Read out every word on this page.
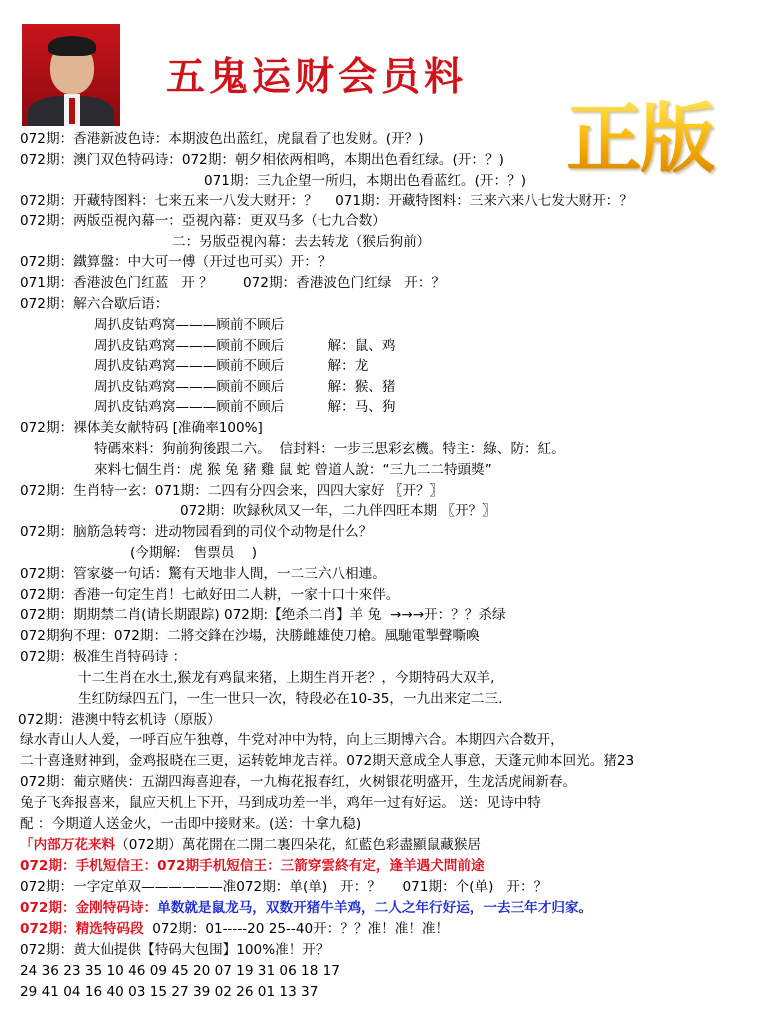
五鬼运财会员料
正版
072期：香港新波色诗：本期波色出蓝红，虎鼠看了也发财。(开？)
072期：澳门双色特码诗：072期：朝夕相依两相鸣，本期出色看红绿。(开：？)
071期：三九企望一所归，本期出色看蓝红。(开：？)
072期：开藏特图料：七来五来一八发大财开：？    071期：开藏特图料：三来六来八七发大财开：？
072期：两版亞視內幕一：亞視內幕：更双马多（七九合数）
二：另版亞視內幕：去去转龙（猴后狗前）
072期：鐵算盤：中大可一傅（开过也可买）开：？
071期：香港波色门红蓝   开 ？       072期：香港波色门红绿   开：？
072期：解六合歇后语：
周扒皮钻鸡窝———顾前不顾后
周扒皮钻鸡窝———顾前不顾后          解：鼠、鸡
周扒皮钻鸡窝———顾前不顾后          解：龙
周扒皮钻鸡窝———顾前不顾后          解：猴、猪
周扒皮钻鸡窝———顾前不顾后          解：马、狗
072期：裸体美女献特码 [准确率100%]
特碼來料：狗前狗後跟二六。  信封料：一步三思彩玄機。特主：綠、防：紅。
來料七個生肖：虎 猴 兔 豬 雞 鼠 蛇 曾道人說：“三九二二特頭獎”
072期：生肖特一玄：071期：二四有分四会来，四四大家好 〖开？〗
072期：吹録秋凤又一年，二九伴四旺本期 〖开？〗
072期：脑筋急转弯：进动物园看到的司仪个动物是什么？
(今期解:   售票员    )
072期：管家婆一句话：驚有天地非人間，一二三六八相連。
072期：香港一句定生肖！七畝好田二人耕，一家十口十來伴。
072期：期期禁二肖(请长期跟踪) 072期:【绝杀二肖】羊 兔  →→→开：？？杀绿
072期狗不理：072期：二將交鋒在沙場，決勝雌雄使刀槍。風馳電掣聲嘶喚
072期：极准生肖特码诗 ：
十二生肖在水土,猴龙有鸡鼠来猪，上期生肖开老？，今期特码大双羊,
生红防绿四五门，一生一世只一次，特段必在10-35，一九出来定二三.
072期：港澳中特玄机诗（原版）
绿水青山人人爱，一呼百应午独尊，牛党对冲中为特，向上三期博六合。本期四六合数开，
二十喜逢财神到，金鸡报晓在三更，运转乾坤龙吉祥。072期天意成全人事意，天蓬元帅本回光。猪23
072期：葡京赌侠：五湖四海喜迎春，一九梅花报春红，火树银花明盛开，生龙活虎闹新春。
兔子飞奔报喜来，鼠应天机上下开，马到成功差一半，鸡年一过有好运。 送：见诗中特
配 ：今期道人送金火，一击即中接财来。(送：十拿九稳)
「内部万花来料（072期）萬花開在二開二裏四朵花，紅藍色彩盡顯鼠藏猴居
072期：手机短信王：072期手机短信王：三箭穿雲終有定，逢羊遇犬問前途
072期：一字定单双——————准072期：单(单)   开：？     071期：个(单)   开：？
072期：金刚特码诗：单数就是鼠龙马，双数开猪牛羊鸡，二人之年行好运，一去三年才归家。
072期：精选特码段  072期：01-----20 25--40开：？？准！准！准！
072期：黄大仙提供【特码大包围】100%准！开？
24 36 23 35 10 46 09 45 20 07 19 31 06 18 17
29 41 04 16 40 03 15 27 39 02 26 01 13 37
